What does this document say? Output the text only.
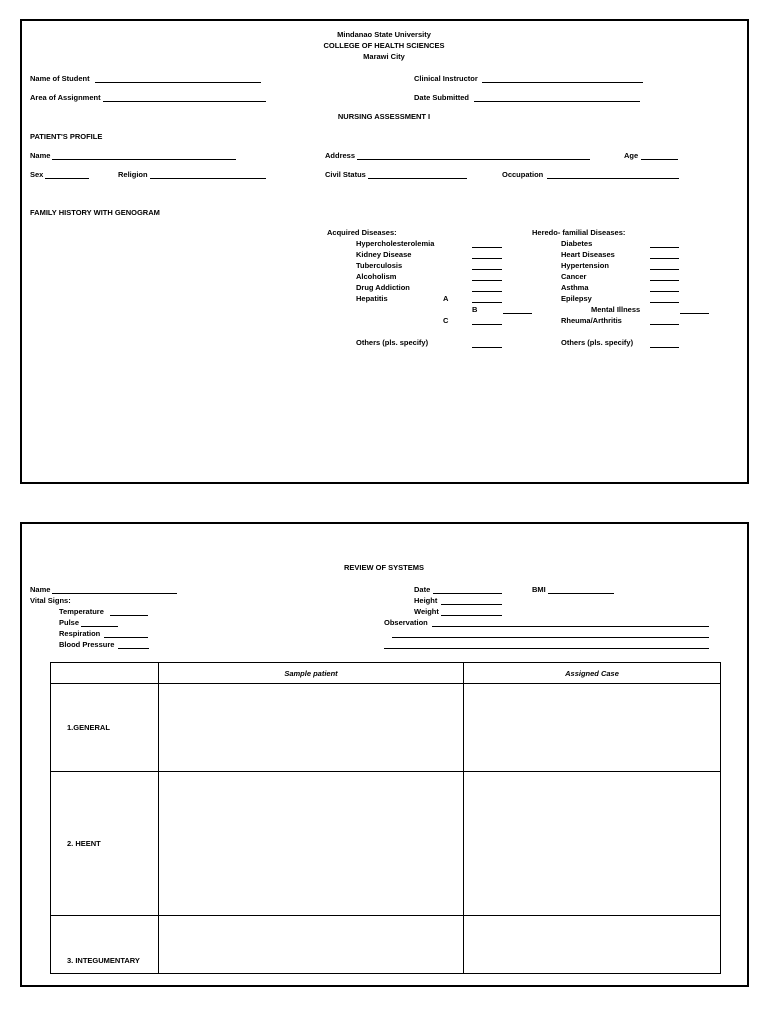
Mindanao State University
COLLEGE OF HEALTH SCIENCES
Marawi City
Name of Student	Clinical Instructor
Area of Assignment	Date Submitted
NURSING ASSESSMENT I
PATIENT'S PROFILE
Name	Address	Age
Sex	Religion	Civil Status	Occupation
FAMILY HISTORY WITH GENOGRAM
Acquired Diseases:
Hypercholesterolemia
Kidney Disease
Tuberculosis
Alcoholism
Drug Addiction
Hepatitis	A
B
C
Others (pls. specify)
Heredo- familial Diseases:
Diabetes
Heart Diseases
Hypertension
Cancer
Asthma
Epilepsy
Mental Illness
Rheuma/Arthritis
Others (pls. specify)
REVIEW OF SYSTEMS
Name
Vital Signs:
Temperature
Pulse
Respiration
Blood Pressure
Date
Height
Weight
BMI
Observation
	Sample patient	Assigned Case
1.GENERAL		
2. HEENT		
3. INTEGUMENTARY		
